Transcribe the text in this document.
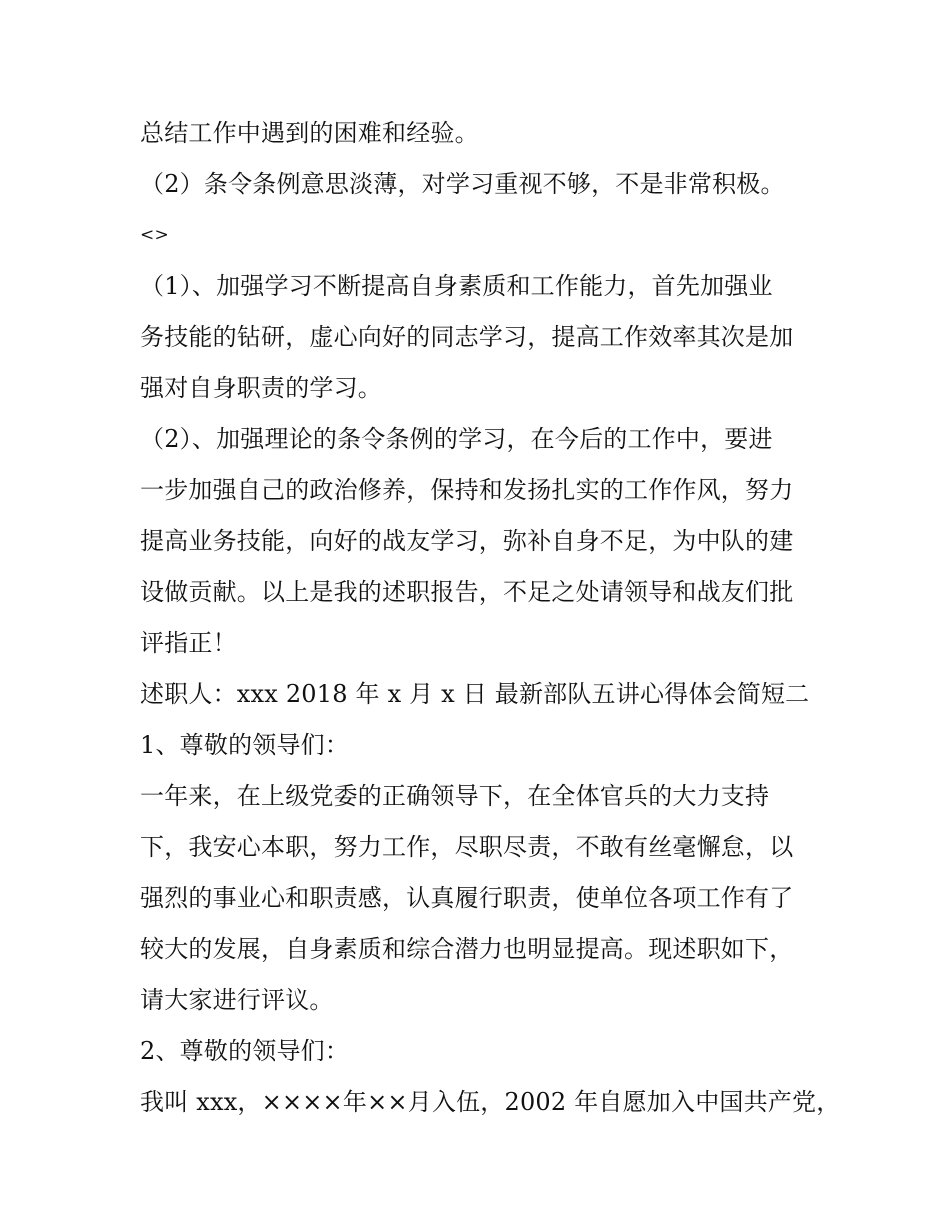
总结工作中遇到的困难和经验。
（2）条令条例意思淡薄，对学习重视不够，不是非常积极。
<>
（1）、加强学习不断提高自身素质和工作能力，首先加强业
务技能的钻研，虚心向好的同志学习，提高工作效率其次是加
强对自身职责的学习。
（2）、加强理论的条令条例的学习，在今后的工作中，要进
一步加强自己的政治修养，保持和发扬扎实的工作作风，努力
提高业务技能，向好的战友学习，弥补自身不足，为中队的建
设做贡献。以上是我的述职报告，不足之处请领导和战友们批
评指正！
述职人：xxx 2018 年 x 月 x 日 最新部队五讲心得体会简短二
1、尊敬的领导们：
一年来，在上级党委的正确领导下，在全体官兵的大力支持
下，我安心本职，努力工作，尽职尽责，不敢有丝毫懈怠，以
强烈的事业心和职责感，认真履行职责，使单位各项工作有了
较大的发展，自身素质和综合潜力也明显提高。现述职如下，
请大家进行评议。
2、尊敬的领导们：
我叫 xxx，××××年××月入伍，2002 年自愿加入中国共产党，
